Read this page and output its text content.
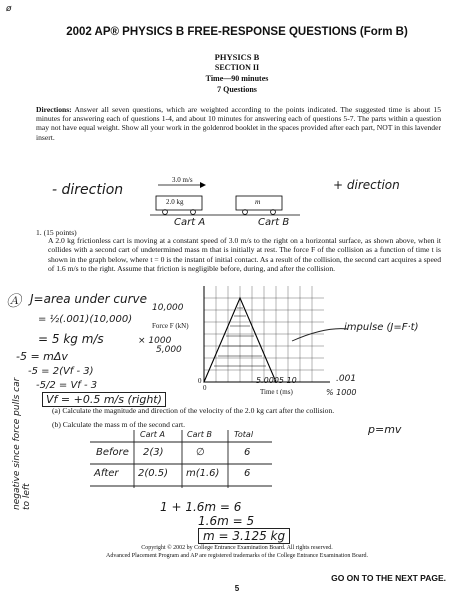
ø
2002 AP® PHYSICS B FREE-RESPONSE QUESTIONS (Form B)
PHYSICS B
SECTION II
Time—90 minutes
7 Questions
Directions: Answer all seven questions, which are weighted according to the points indicated. The suggested time is about 15 minutes for answering each of questions 1-4, and about 10 minutes for answering each of questions 5-7. The parts within a question may not have equal weight. Show all your work in the goldenrod booklet in the spaces provided after each part, NOT in this lavender insert.
3.0 m/s
2.0 kg	m
- direction	+ direction
Cart A	Cart B
1. (15 points)
A 2.0 kg frictionless cart is moving at a constant speed of 3.0 m/s to the right on a horizontal surface, as shown above, when it collides with a second cart of undetermined mass m that is initially at rest. The force F of the collision as a function of time t is shown in the graph below, where t = 0 is the instant of initial contact. As a result of the collision, the second cart acquires a speed of 1.6 m/s to the right. Assume that friction is negligible before, during, and after the collision.
Force F (kN)
0
0	Time t (ms)
Ⓐ J=area under curve
= ½(.001)(10,000)
= 5 kg m/s
-5 = mΔv
-5 = 2(Vf - 3)
-5/2 = Vf - 3
Vf = +0.5 m/s (right)
negative since force pulls car to left
10,000
× 1000
5,000
5.0005 10	.001
% 1000
impulse (J=F·t)
(a) Calculate the magnitude and direction of the velocity of the 2.0 kg cart after the collision.
(b) Calculate the mass m of the second cart.	p=mv
Cart A	Cart B	Total
Before 2(3)	∅	6
After 2(0.5) m(1.6) 6
1 + 1.6m = 6
1.6m = 5
m = 3.125 kg
Copyright © 2002 by College Entrance Examination Board. All rights reserved.
Advanced Placement Program and AP are registered trademarks of the College Entrance Examination Board.
GO ON TO THE NEXT PAGE.
5
